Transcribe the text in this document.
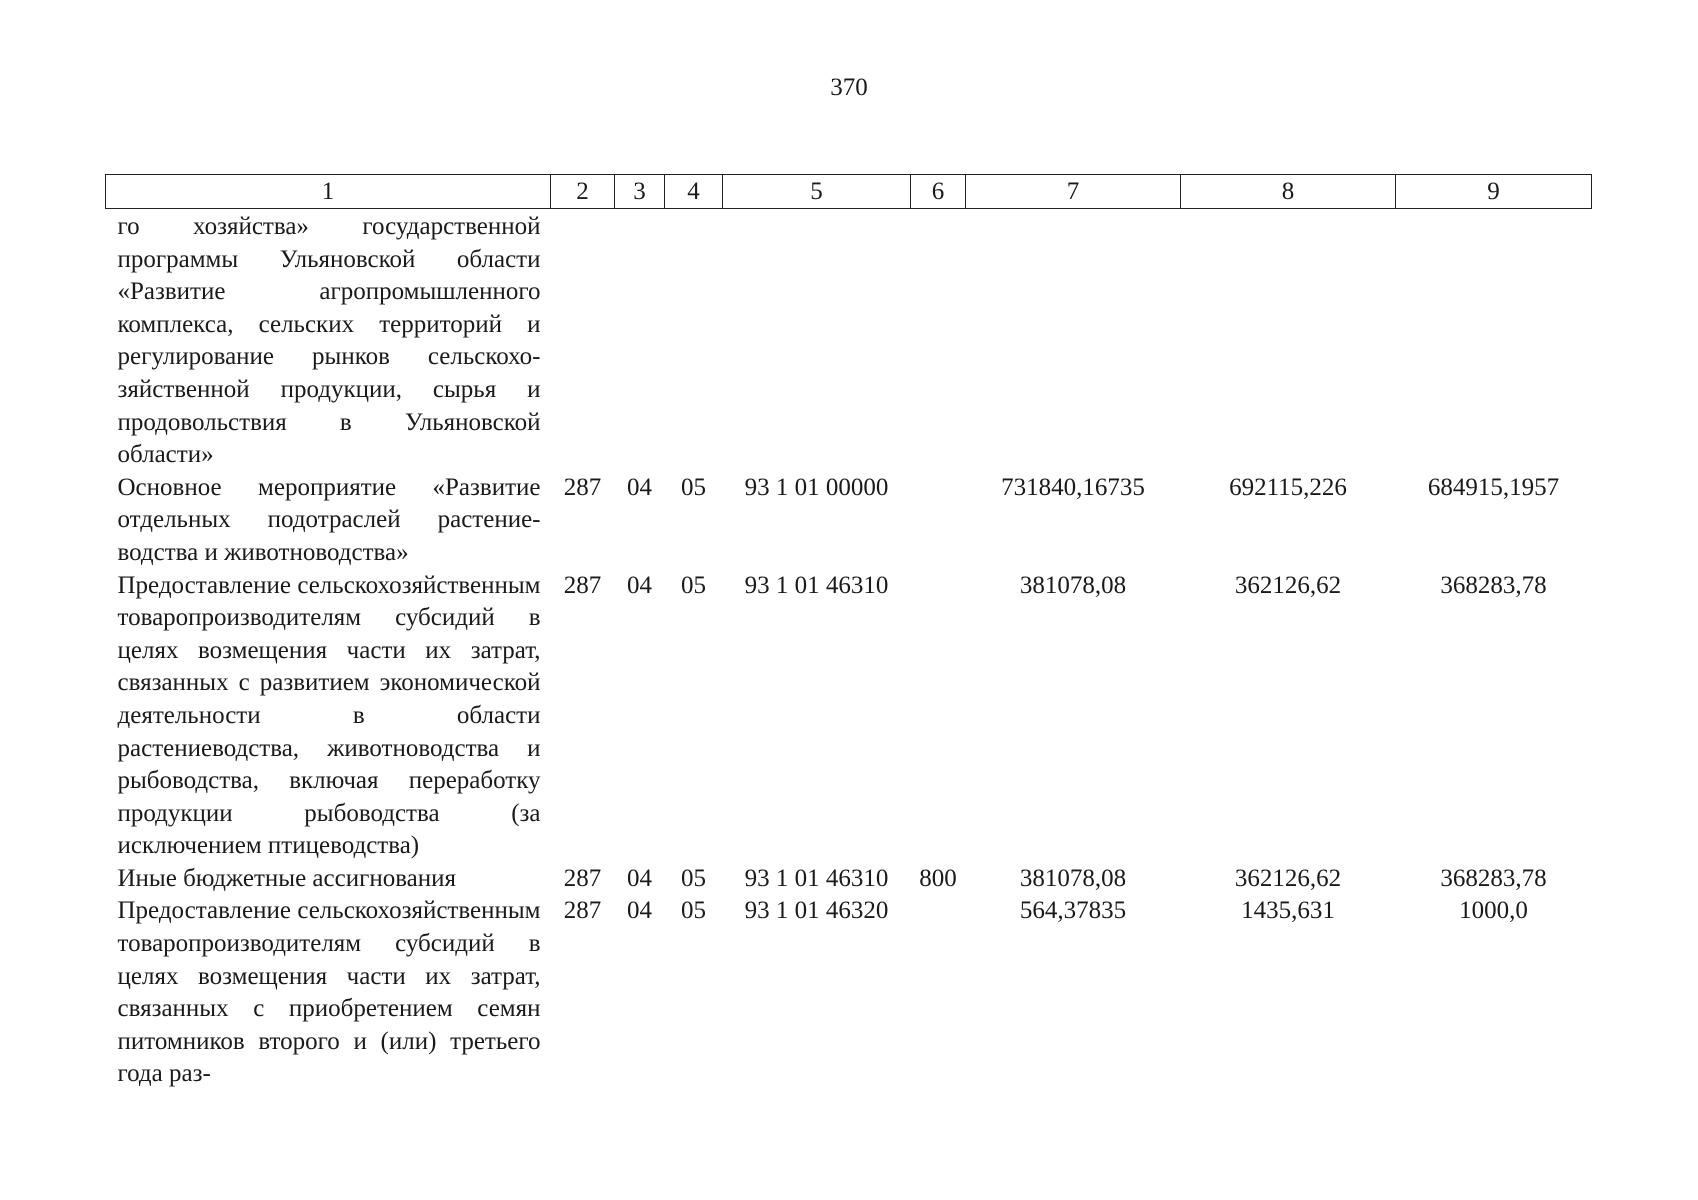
370
1	2	3	4	5	6	7	8	9
го хозяйства» государственной программы Ульяновской области «Развитие агропромышленного комплекса, сельских территорий и регулирование рынков сельскохозяйственной продукции, сырья и продовольствия в Ульяновской области»								
Основное мероприятие «Развитие отдельных подотраслей растениеводства и животноводства»	287	04	05	93 1 01 00000		731840,16735	692115,226	684915,1957
Предоставление сельскохозяйственным товаропроизводителям субсидий в целях возмещения части их затрат, связанных с развитием экономической деятельности в области растениеводства, животноводства и рыбоводства, включая переработку продукции рыбоводства (за исключением птицеводства)	287	04	05	93 1 01 46310		381078,08	362126,62	368283,78
Иные бюджетные ассигнования	287	04	05	93 1 01 46310	800	381078,08	362126,62	368283,78
Предоставление сельскохозяйственным товаропроизводителям субсидий в целях возмещения части их затрат, связанных с приобретением семян питомников второго и (или) третьего года раз-	287	04	05	93 1 01 46320		564,37835	1435,631	1000,0
